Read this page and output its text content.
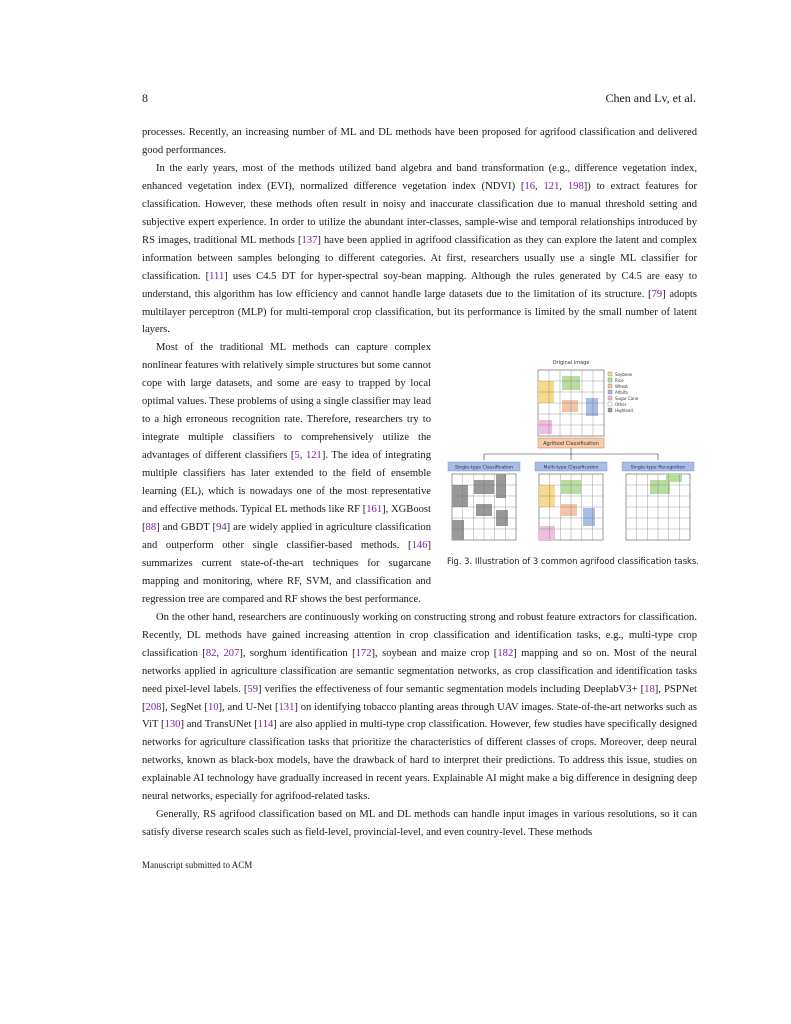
8	Chen and Lv, et al.

processes. Recently, an increasing number of ML and DL methods have been proposed for agrifood classification and delivered good performances.

In the early years, most of the methods utilized band algebra and band transformation (e.g., difference vegetation index, enhanced vegetation index (EVI), normalized difference vegetation index (NDVI) [16, 121, 198]) to extract features for classification. However, these methods often result in noisy and inaccurate classification due to manual threshold setting and subjective expert experience. In order to utilize the abundant inter-classes, sample-wise and temporal relationships introduced by RS images, traditional ML methods [137] have been applied in agrifood classification as they can explore the latent and complex information between samples belonging to different categories. At first, researchers usually use a single ML classifier for classification. [111] uses C4.5 DT for hyper-spectral soy-bean mapping. Although the rules generated by C4.5 are easy to understand, this algorithm has low efficiency and cannot handle large datasets due to the limitation of its structure. [79] adopts multilayer perceptron (MLP) for multi-temporal crop classification, but its performance is limited by the small number of latent layers.

Most of the traditional ML methods can capture complex nonlinear features with relatively simple structures but some cannot cope with large datasets, and some are easy to trapped by local optimal values. These problems of using a single classifier may lead to a high erroneous recognition rate. Therefore, researchers try to integrate multiple classifiers to comprehensively utilize the advantages of different classifiers [5, 121]. The idea of integrating multiple classifiers has later extended to the field of ensemble learning (EL), which is nowadays one of the most representative and effective methods. Typical EL methods like RF [161], XGBoost [88] and GBDT [94] are widely applied in agriculture classification and outperform other single classifier-based methods. [146] summarizes current state-of-the-art techniques for sugarcane mapping and monitoring, where RF, SVM, and classification and regression tree are compared and RF shows the best performance.

On the other hand, researchers are continuously working on constructing strong and robust feature extractors for classification. Recently, DL methods have gained increasing attention in crop classification and identification tasks, e.g., multi-type crop classification [82, 207], sorghum identification [172], soybean and maize crop [182] mapping and so on. Most of the neural networks applied in agriculture classification are semantic segmentation networks, as crop classification and identification tasks need pixel-level labels. [59] verifies the effectiveness of four semantic segmentation models including DeeplabV3+ [18], PSPNet [208], SegNet [10], and U-Net [131] on identifying tobacco planting areas through UAV images. State-of-the-art networks such as ViT [130] and TransUNet [114] are also applied in multi-type crop classification. However, few studies have specifically designed networks for agriculture classification tasks that prioritize the characteristics of different classes of crops. Moreover, deep neural networks, known as black-box models, have the drawback of hard to interpret their predictions. To address this issue, studies on explainable AI technology have gradually increased in recent years. Explainable AI might make a big difference in designing deep neural networks, especially for agrifood-related tasks.

Generally, RS agrifood classification based on ML and DL methods can handle input images in various resolutions, so it can satisfy diverse research scales such as field-level, provincial-level, and even country-level. These methods

Original Image
Soybean
Rice
Wheat
Alfalfa
Sugar Cane
Other
Highland
Agrifood Classification
Single-type Classification	Multi-type Classification	Single-type Recognition
Fig. 3. Illustration of 3 common agrifood classification tasks.
Manuscript submitted to ACM
